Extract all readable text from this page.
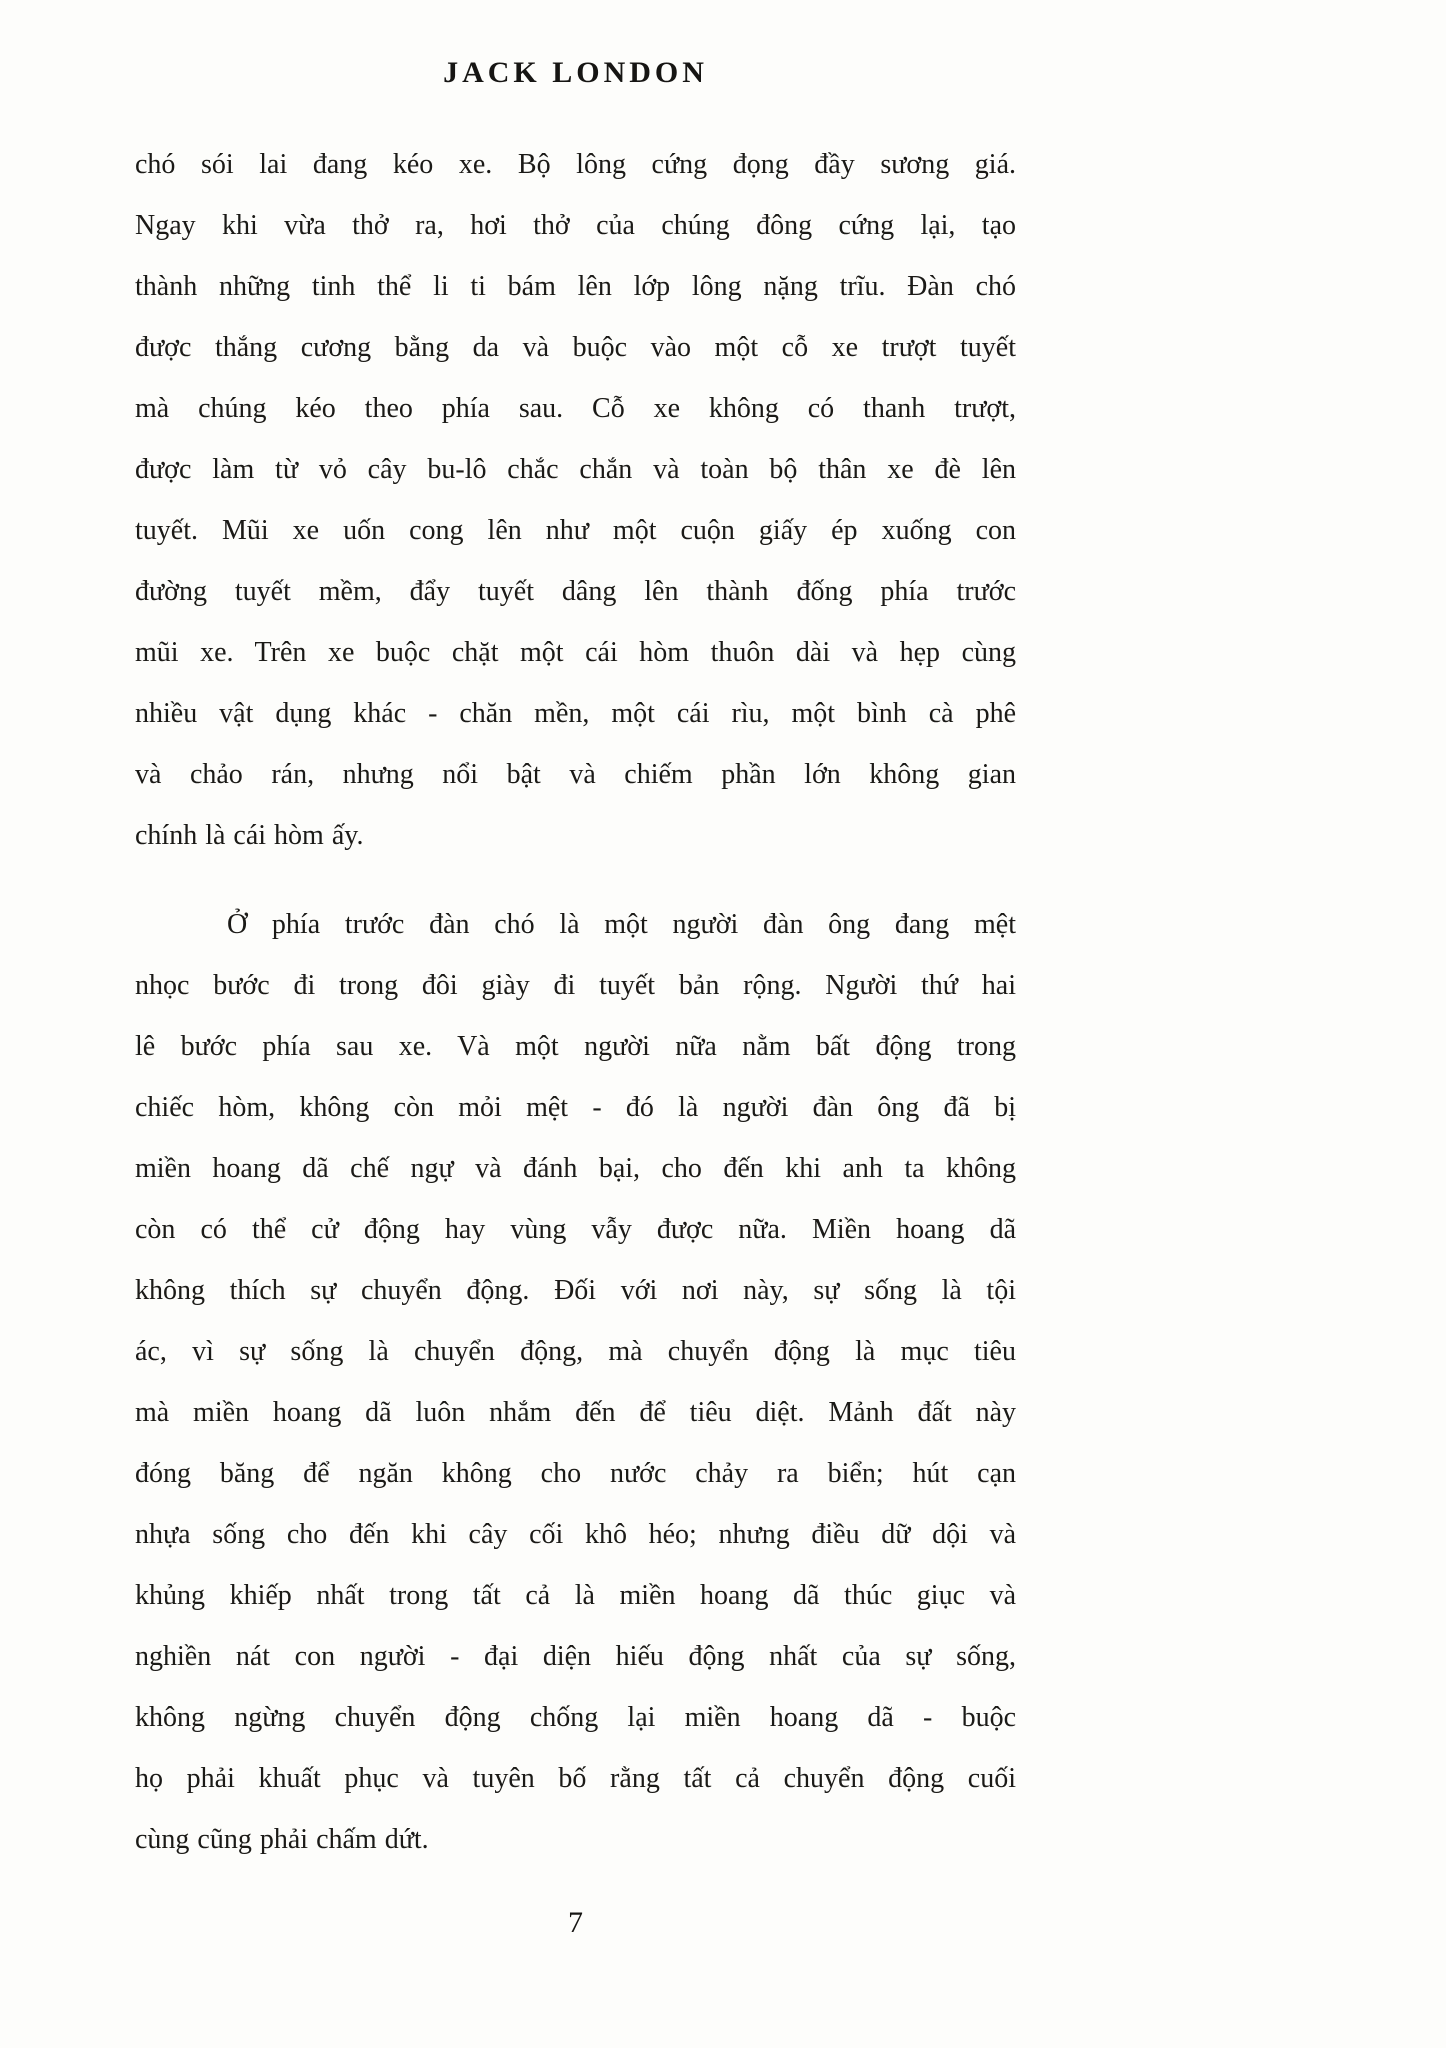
JACK LONDON
chó sói lai đang kéo xe. Bộ lông cứng đọng đầy sương giá.
Ngay khi vừa thở ra, hơi thở của chúng đông cứng lại, tạo
thành những tinh thể li ti bám lên lớp lông nặng trĩu. Đàn chó
được thắng cương bằng da và buộc vào một cỗ xe trượt tuyết
mà chúng kéo theo phía sau. Cỗ xe không có thanh trượt,
được làm từ vỏ cây bu-lô chắc chắn và toàn bộ thân xe đè lên
tuyết. Mũi xe uốn cong lên như một cuộn giấy ép xuống con
đường tuyết mềm, đẩy tuyết dâng lên thành đống phía trước
mũi xe. Trên xe buộc chặt một cái hòm thuôn dài và hẹp cùng
nhiều vật dụng khác - chăn mền, một cái rìu, một bình cà phê
và chảo rán, nhưng nổi bật và chiếm phần lớn không gian
chính là cái hòm ấy.
Ở phía trước đàn chó là một người đàn ông đang mệt
nhọc bước đi trong đôi giày đi tuyết bản rộng. Người thứ hai
lê bước phía sau xe. Và một người nữa nằm bất động trong
chiếc hòm, không còn mỏi mệt - đó là người đàn ông đã bị
miền hoang dã chế ngự và đánh bại, cho đến khi anh ta không
còn có thể cử động hay vùng vẫy được nữa. Miền hoang dã
không thích sự chuyển động. Đối với nơi này, sự sống là tội
ác, vì sự sống là chuyển động, mà chuyển động là mục tiêu
mà miền hoang dã luôn nhắm đến để tiêu diệt. Mảnh đất này
đóng băng để ngăn không cho nước chảy ra biển; hút cạn
nhựa sống cho đến khi cây cối khô héo; nhưng điều dữ dội và
khủng khiếp nhất trong tất cả là miền hoang dã thúc giục và
nghiền nát con người - đại diện hiếu động nhất của sự sống,
không ngừng chuyển động chống lại miền hoang dã - buộc
họ phải khuất phục và tuyên bố rằng tất cả chuyển động cuối
cùng cũng phải chấm dứt.
7
